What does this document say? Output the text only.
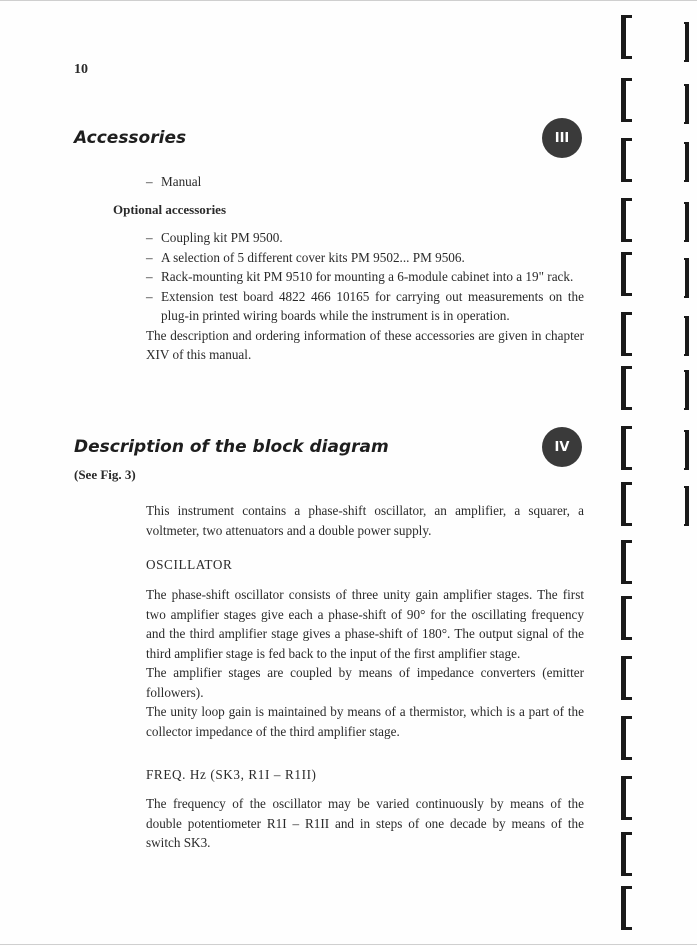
10
Accessories	III
– Manual
Optional accessories
– Coupling kit PM 9500.
– A selection of 5 different cover kits PM 9502... PM 9506.
– Rack-mounting kit PM 9510 for mounting a 6-module cabinet into a 19" rack.
– Extension test board 4822 466 10165 for carrying out measurements on the plug-in printed wiring boards while the instrument is in operation.

The description and ordering information of these accessories are given in chapter XIV of this manual.

Description of the block diagram	IV
(See Fig. 3)

This instrument contains a phase-shift oscillator, an amplifier, a squarer, a voltmeter, two attenuators and a double power supply.

OSCILLATOR

The phase-shift oscillator consists of three unity gain amplifier stages. The first two amplifier stages give each a phase-shift of 90° for the oscillating frequency and the third amplifier stage gives a phase-shift of 180°. The output signal of the third amplifier stage is fed back to the input of the first amplifier stage.

The amplifier stages are coupled by means of impedance converters (emitter followers).

The unity loop gain is maintained by means of a thermistor, which is a part of the collector impedance of the third amplifier stage.

FREQ. Hz (SK3, R1I – R1II)

The frequency of the oscillator may be varied continuously by means of the double potentiometer R1I – R1II and in steps of one decade by means of the switch SK3.
